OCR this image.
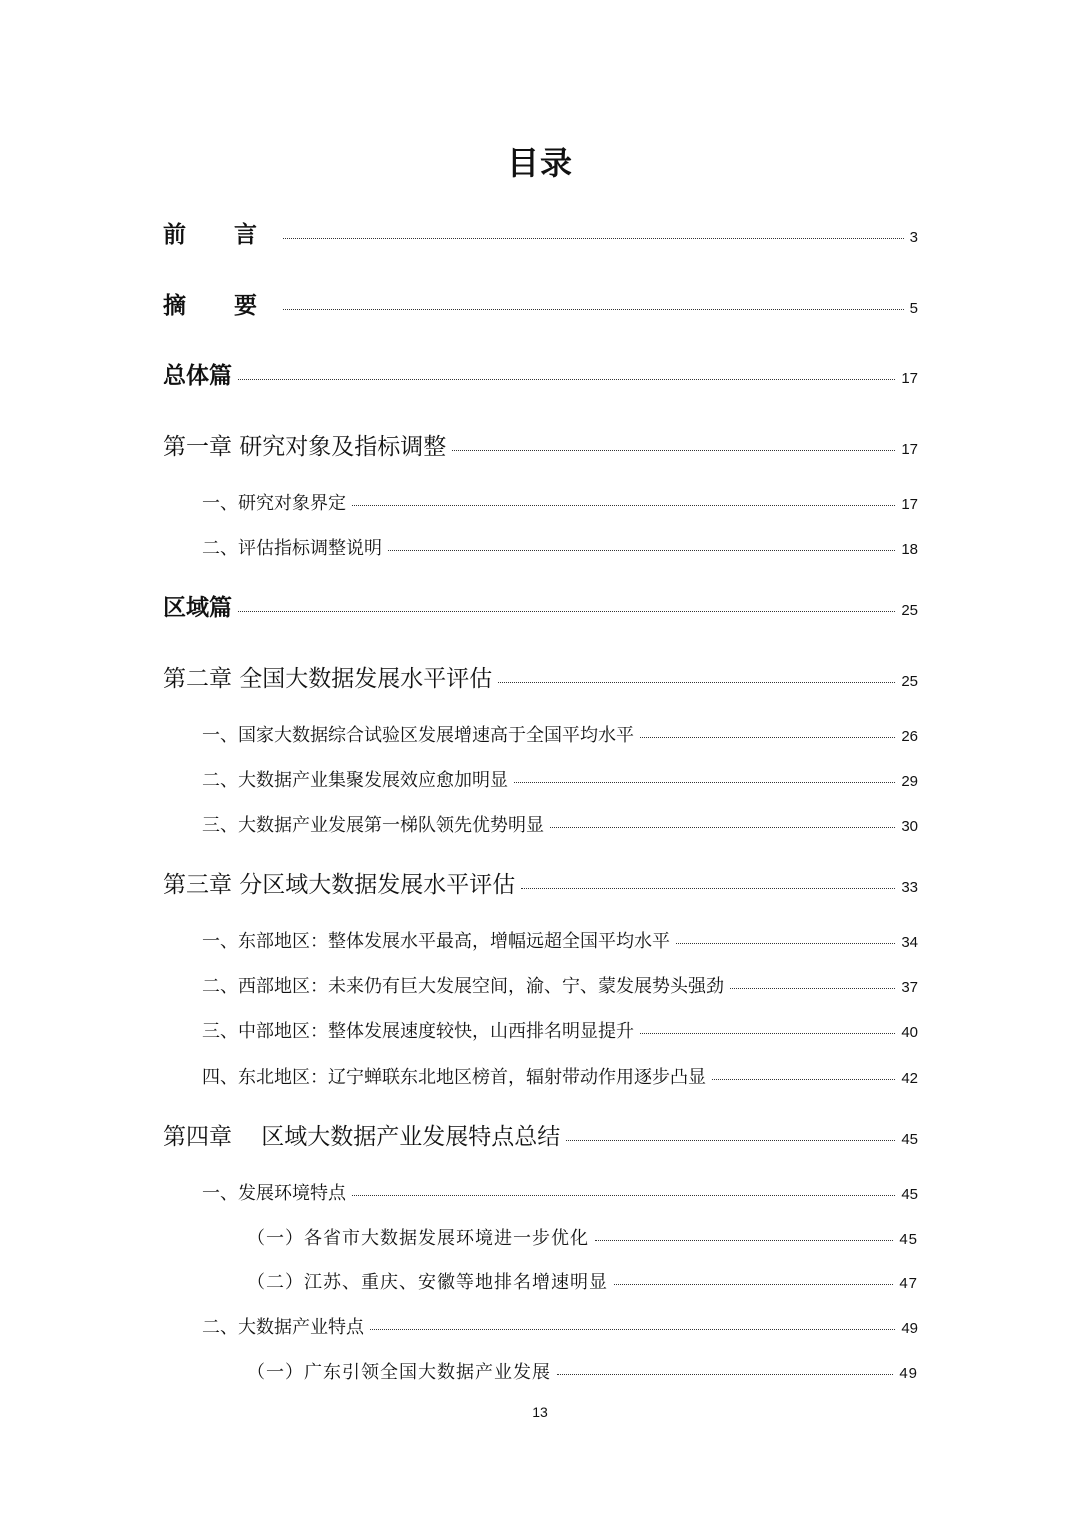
目录
前 言	3
摘 要	5
总体篇	17
第一章 研究对象及指标调整	17
一、研究对象界定	17
二、评估指标调整说明	18
区域篇	25
第二章 全国大数据发展水平评估	25
一、国家大数据综合试验区发展增速高于全国平均水平	26
二、大数据产业集聚发展效应愈加明显	29
三、大数据产业发展第一梯队领先优势明显	30
第三章 分区域大数据发展水平评估	33
一、东部地区：整体发展水平最高，增幅远超全国平均水平	34
二、西部地区：未来仍有巨大发展空间，渝、宁、蒙发展势头强劲	37
三、中部地区：整体发展速度较快，山西排名明显提升	40
四、东北地区：辽宁蝉联东北地区榜首，辐射带动作用逐步凸显	42
第四章    区域大数据产业发展特点总结	45
一、发展环境特点	45
（一）各省市大数据发展环境进一步优化	45
（二）江苏、重庆、安徽等地排名增速明显	47
二、大数据产业特点	49
（一）广东引领全国大数据产业发展	49
13
